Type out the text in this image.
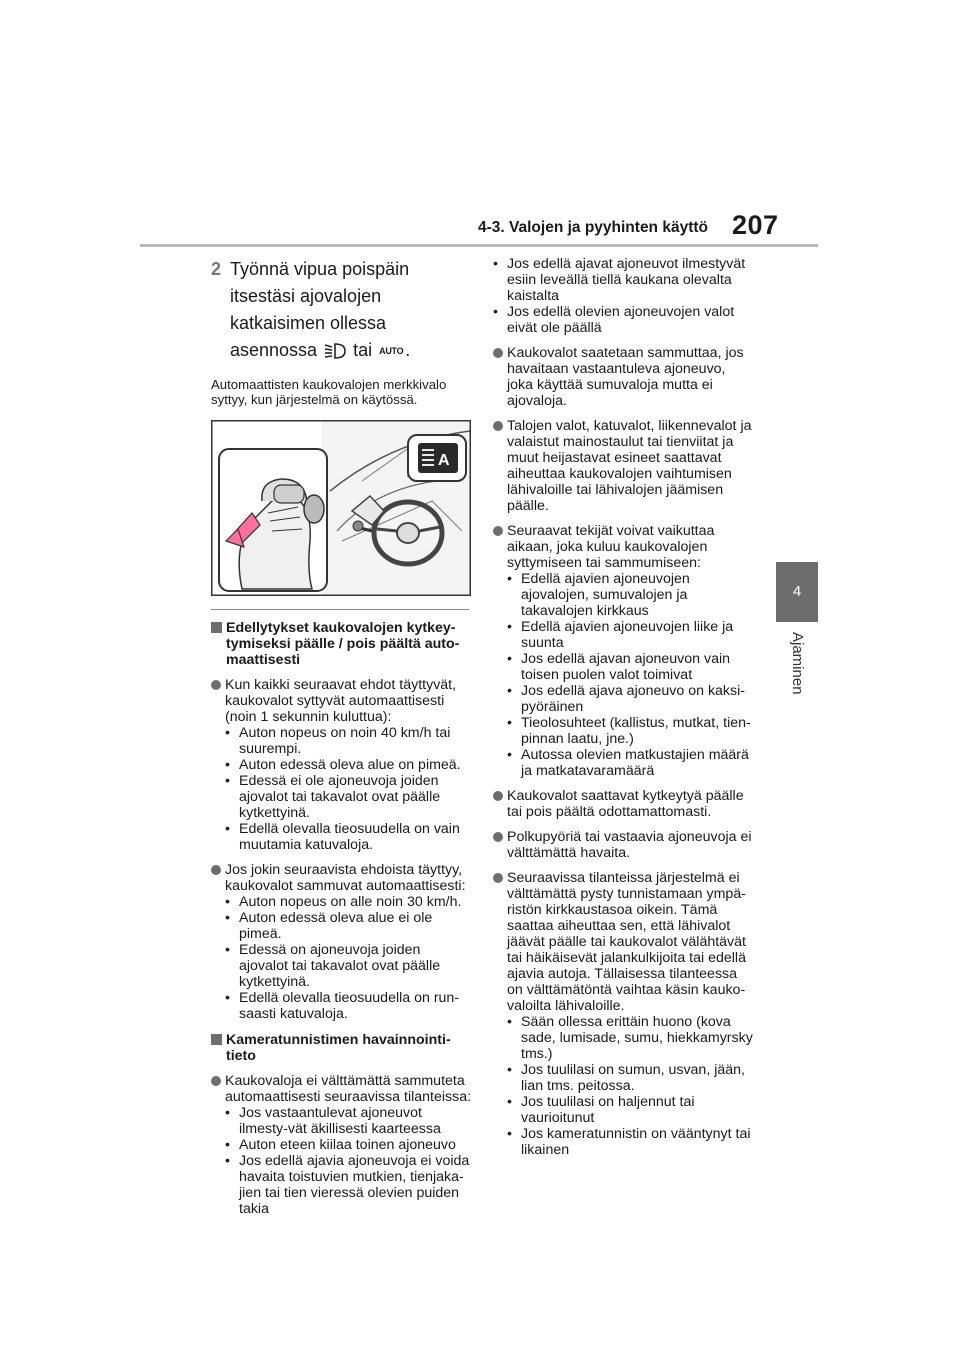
4-3. Valojen ja pyyhinten käyttö 207
4
Ajaminen
2 Työnnä vipua poispäin itsestäsi ajovalojen katkaisimen ollessa asennossa tai AUTO .
Automaattisten kaukovalojen merkkivalo syttyy, kun järjestelmä on käytössä.
A
Edellytykset kaukovalojen kytkey-tymiseksi päälle / pois päältä auto-maattisesti
Kun kaikki seuraavat ehdot täyttyvät, kaukovalot syttyvät automaattisesti (noin 1 sekunnin kuluttua):
• Auton nopeus on noin 40 km/h tai suurempi.
• Auton edessä oleva alue on pimeä.
• Edessä ei ole ajoneuvoja joiden ajovalot tai takavalot ovat päälle kytkettyinä.
• Edellä olevalla tieosuudella on vain muutamia katuvaloja.
Jos jokin seuraavista ehdoista täyttyy, kaukovalot sammuvat automaattisesti:
• Auton nopeus on alle noin 30 km/h.
• Auton edessä oleva alue ei ole pimeä.
• Edessä on ajoneuvoja joiden ajovalot tai takavalot ovat päälle kytkettyinä.
• Edellä olevalla tieosuudella on run-saasti katuvaloja.
Kameratunnistimen havainnointi-tieto
Kaukovaloja ei välttämättä sammuteta automaattisesti seuraavissa tilanteissa:
• Jos vastaantulevat ajoneuvot ilmesty-vät äkillisesti kaarteessa
• Auton eteen kiilaa toinen ajoneuvo
• Jos edellä ajavia ajoneuvoja ei voida havaita toistuvien mutkien, tienjaka-jien tai tien vieressä olevien puiden takia
• Jos edellä ajavat ajoneuvot ilmestyvät esiin leveällä tiellä kaukana olevalta kaistalta
• Jos edellä olevien ajoneuvojen valot eivät ole päällä
Kaukovalot saatetaan sammuttaa, jos havaitaan vastaantuleva ajoneuvo, joka käyttää sumuvaloja mutta ei ajovaloja.
Talojen valot, katuvalot, liikennevalot ja valaistut mainostaulut tai tienviitat ja muut heijastavat esineet saattavat aiheuttaa kaukovalojen vaihtumisen lähivaloille tai lähivalojen jäämisen päälle.
Seuraavat tekijät voivat vaikuttaa aikaan, joka kuluu kaukovalojen syttymiseen tai sammumiseen:
• Edellä ajavien ajoneuvojen ajovalojen, sumuvalojen ja takavalojen kirkkaus
• Edellä ajavien ajoneuvojen liike ja suunta
• Jos edellä ajavan ajoneuvon vain toisen puolen valot toimivat
• Jos edellä ajava ajoneuvo on kaksi-pyöräinen
• Tieolosuhteet (kallistus, mutkat, tien-pinnan laatu, jne.)
• Autossa olevien matkustajien määrä ja matkatavaramäärä
Kaukovalot saattavat kytkeytyä päälle tai pois päältä odottamattomasti.
Polkupyöriä tai vastaavia ajoneuvoja ei välttämättä havaita.
Seuraavissa tilanteissa järjestelmä ei välttämättä pysty tunnistamaan ympä-ristön kirkkaustasoa oikein. Tämä saattaa aiheuttaa sen, että lähivalot jäävät päälle tai kaukovalot välähtävät tai häikäisevät jalankulkijoita tai edellä ajavia autoja. Tällaisessa tilanteessa on välttämätöntä vaihtaa käsin kauko-valoilta lähivaloille.
• Sään ollessa erittäin huono (kova sade, lumisade, sumu, hiekkamyrsky tms.)
• Jos tuulilasi on sumun, usvan, jään, lian tms. peitossa.
• Jos tuulilasi on haljennut tai vaurioitunut
• Jos kameratunnistin on vääntynyt tai likainen
